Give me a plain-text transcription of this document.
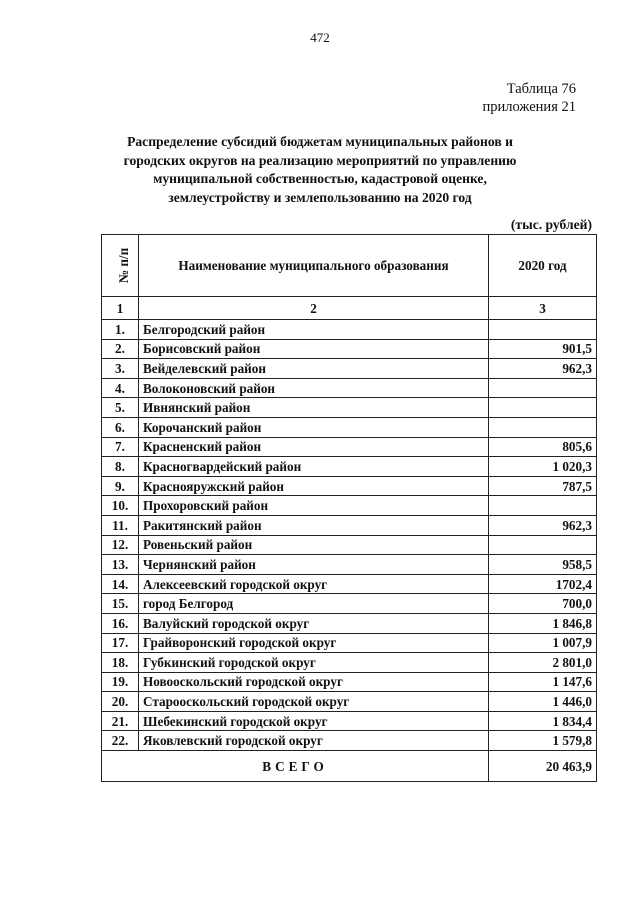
472
Таблица 76
приложения 21
Распределение субсидий бюджетам муниципальных районов и
городских округов на реализацию мероприятий по управлению
муниципальной собственностью, кадастровой оценке,
землеустройству и землепользованию на 2020 год
(тыс. рублей)
№ п/п	Наименование муниципального образования	2020 год
1	2	3
1.	Белгородский район	
2.	Борисовский район	901,5
3.	Вейделевский район	962,3
4.	Волоконовский район	
5.	Ивнянский район	
6.	Корочанский район	
7.	Красненский район	805,6
8.	Красногвардейский район	1 020,3
9.	Краснояружский район	787,5
10.	Прохоровский район	
11.	Ракитянский район	962,3
12.	Ровеньский район	
13.	Чернянский район	958,5
14.	Алексеевский городской округ	1702,4
15.	город Белгород	700,0
16.	Валуйский городской округ	1 846,8
17.	Грайворонский городской округ	1 007,9
18.	Губкинский городской округ	2 801,0
19.	Новооскольский городской округ	1 147,6
20.	Старооскольский городской округ	1 446,0
21.	Шебекинский городской округ	1 834,4
22.	Яковлевский городской округ	1 579,8
ВСЕГО		20 463,9
